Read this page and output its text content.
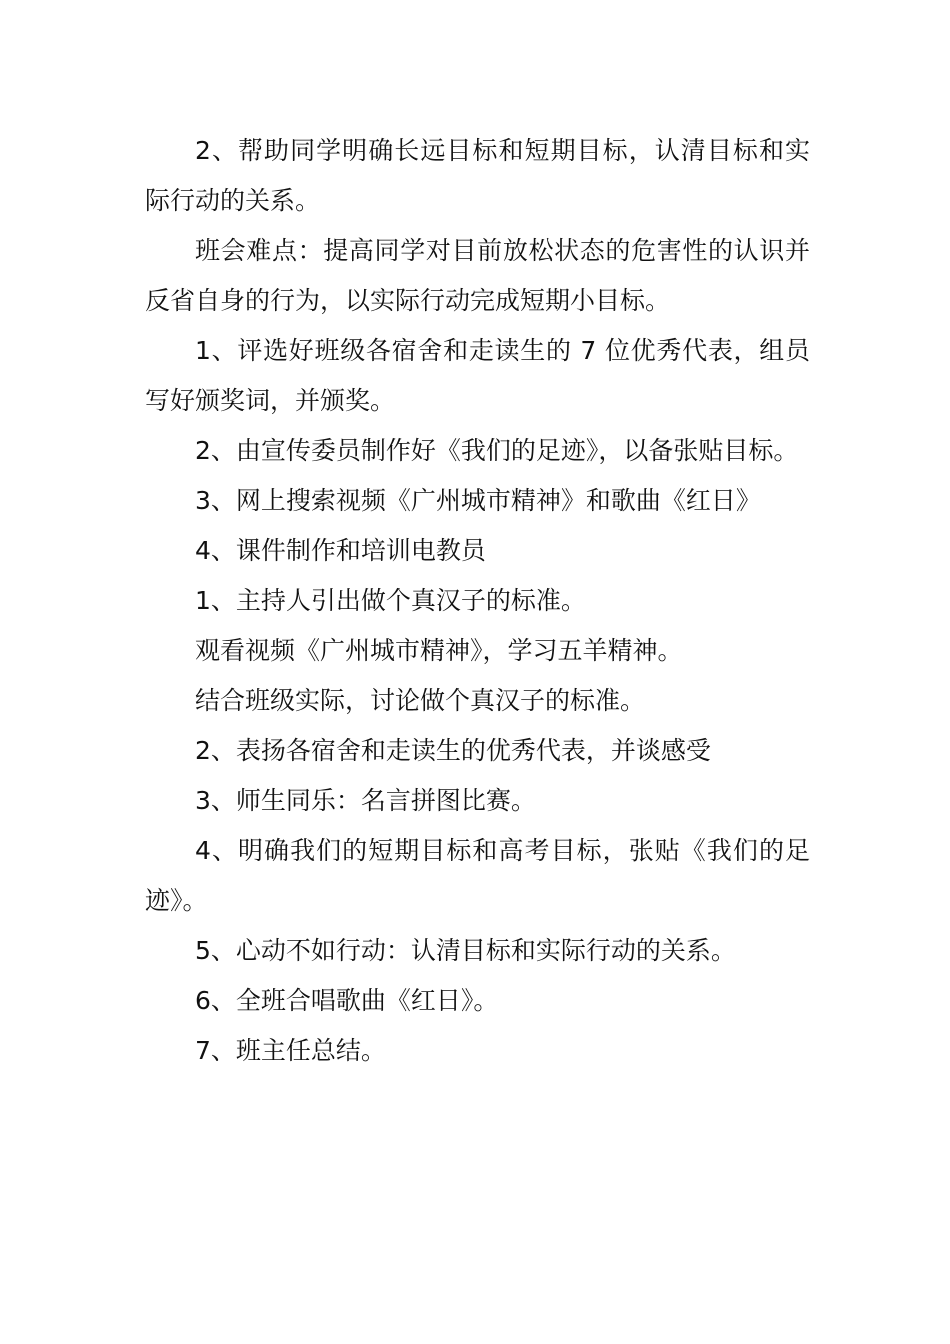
2、帮助同学明确长远目标和短期目标，认清目标和实际行动的关系。

班会难点：提高同学对目前放松状态的危害性的认识并反省自身的行为，以实际行动完成短期小目标。

1、评选好班级各宿舍和走读生的 7 位优秀代表，组员写好颁奖词，并颁奖。

2、由宣传委员制作好《我们的足迹》，以备张贴目标。

3、网上搜索视频《广州城市精神》和歌曲《红日》

4、课件制作和培训电教员

1、主持人引出做个真汉子的标准。

观看视频《广州城市精神》，学习五羊精神。

结合班级实际，讨论做个真汉子的标准。

2、表扬各宿舍和走读生的优秀代表，并谈感受

3、师生同乐：名言拼图比赛。

4、明确我们的短期目标和高考目标，张贴《我们的足迹》。

5、心动不如行动：认清目标和实际行动的关系。

6、全班合唱歌曲《红日》。

7、班主任总结。
